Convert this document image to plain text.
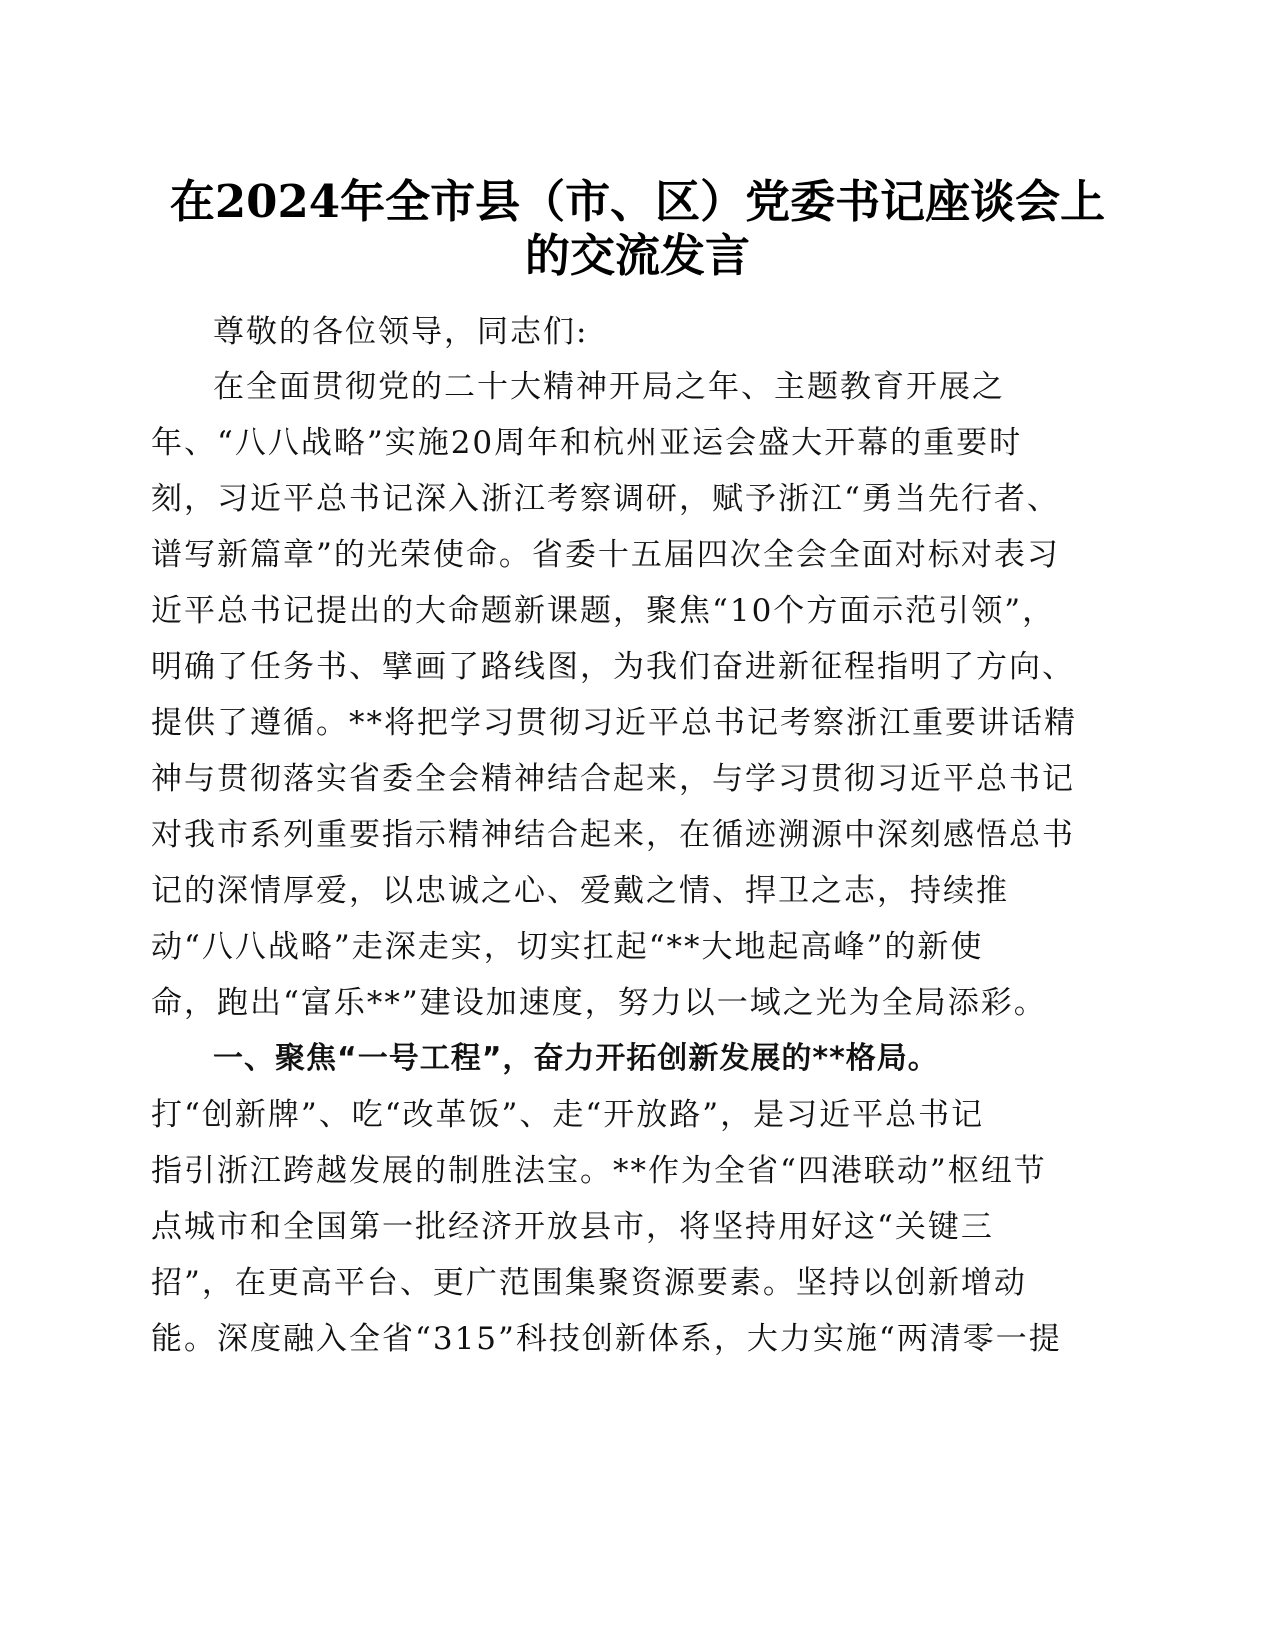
在2024年全市县（市、区）党委书记座谈会上
的交流发言

尊敬的各位领导，同志们:

在全面贯彻党的二十大精神开局之年、主题教育开展之

年、“八八战略”实施20周年和杭州亚运会盛大开幕的重要时

刻，习近平总书记深入浙江考察调研，赋予浙江“勇当先行者、

谱写新篇章”的光荣使命。省委十五届四次全会全面对标对表习

近平总书记提出的大命题新课题，聚焦“10个方面示范引领”，

明确了任务书、擘画了路线图，为我们奋进新征程指明了方向、

提供了遵循。**将把学习贯彻习近平总书记考察浙江重要讲话精

神与贯彻落实省委全会精神结合起来，与学习贯彻习近平总书记

对我市系列重要指示精神结合起来，在循迹溯源中深刻感悟总书

记的深情厚爱，以忠诚之心、爱戴之情、捍卫之志，持续推

动“八八战略”走深走实，切实扛起“**大地起高峰”的新使

命，跑出“富乐**”建设加速度，努力以一域之光为全局添彩。

一、聚焦“一号工程”，奋力开拓创新发展的**格局。

打“创新牌”、吃“改革饭”、走“开放路”，是习近平总书记

指引浙江跨越发展的制胜法宝。**作为全省“四港联动”枢纽节

点城市和全国第一批经济开放县市，将坚持用好这“关键三

招”，在更高平台、更广范围集聚资源要素。坚持以创新增动

能。深度融入全省“315”科技创新体系，大力实施“两清零一提
